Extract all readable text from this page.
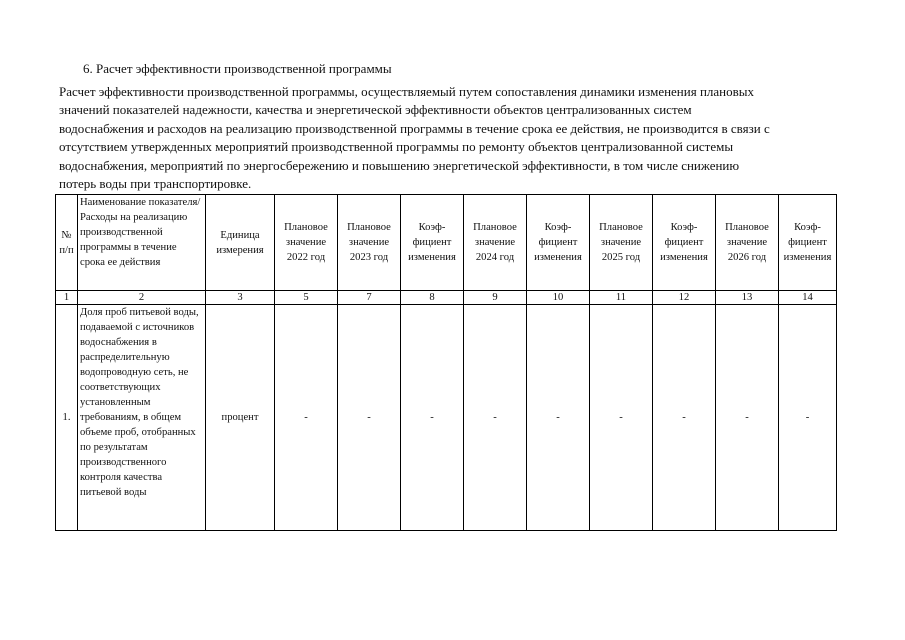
6. Расчет эффективности производственной программы

Расчет эффективности производственной программы, осуществляемый путем сопоставления динамики изменения плановых
значений показателей надежности, качества и энергетической эффективности объектов централизованных систем
водоснабжения и расходов на реализацию производственной программы в течение срока ее действия, не производится в связи с
отсутствием утвержденных мероприятий производственной программы по ремонту объектов централизованной системы
водоснабжения, мероприятий по энергосбережению и повышению энергетической эффективности, в том числе снижению
потерь воды при транспортировке.

№ п/п	Наименование показателя/Расходы на реализацию производственной программы в течение срока ее действия	Единица измерения	Плановое значение 2022 год	Плановое значение 2023 год	Коэф-фициент изменения	Плановое значение 2024 год	Коэф-фициент изменения	Плановое значение 2025 год	Коэф-фициент изменения	Плановое значение 2026 год	Коэф-фициент изменения
1	2	3	5	7	8	9	10	11	12	13	14
1.	Доля проб питьевой воды, подаваемой с источников водоснабжения в распределительную водопроводную сеть, не соответствующих установленным требованиям, в общем объеме проб, отобранных по результатам производственного контроля качества питьевой воды	процент	-	-	-	-	-	-	-	-	-
